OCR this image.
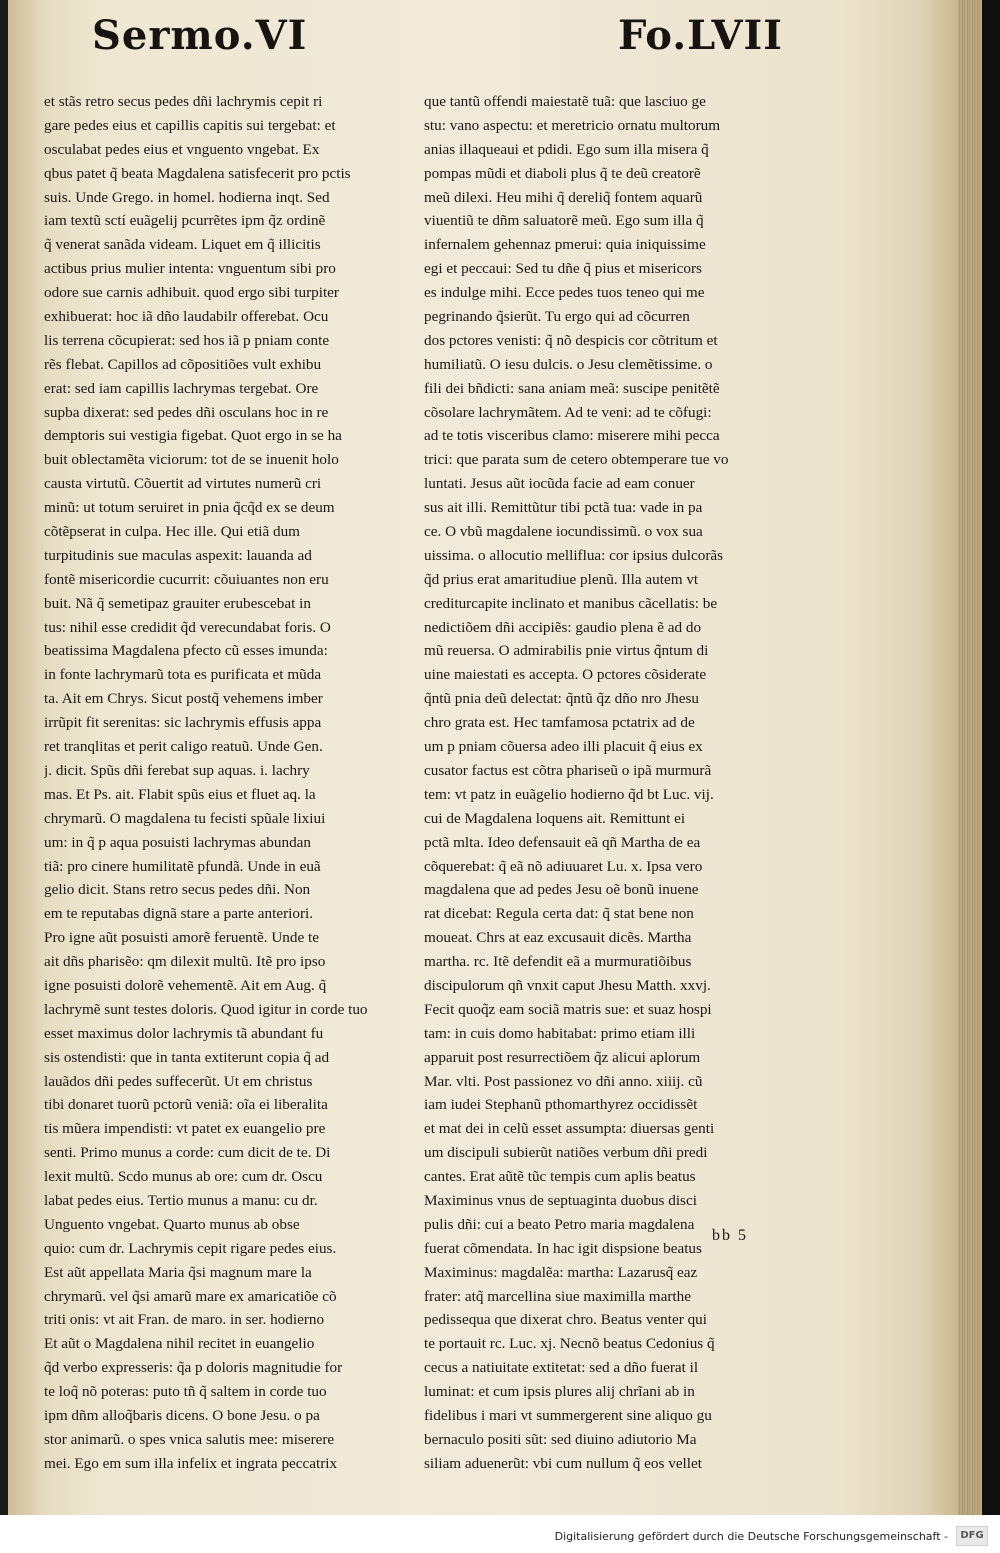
Sermo.VI	Fo.LVII
et stãs retro secus pedes dñi lachrymis cepit ri
gare pedes eius et capillis capitis sui tergebat: et
osculabat pedes eius et vnguento vngebat. Ex
qbus patet q̃ beata Magdalena satisfecerit pro pctis
suis. Unde Grego. in homel. hodierna inqt. Sed
iam textũ sctí euãgelij pcurrẽtes ipm q̃z ordinẽ
q̃ venerat sanãda videam. Liquet em q̃ illicitis
actibus prius mulier intenta: vnguentum sibi pro
odore sue carnis adhibuit. quod ergo sibi turpiter
exhibuerat: hoc iã dño laudabilr offerebat. Ocu
lis terrena cõcupierat: sed hos iã p pniam conte
rẽs flebat. Capillos ad cõpositiões vult exhibu
erat: sed iam capillis lachrymas tergebat. Ore
supba dixerat: sed pedes dñi osculans hoc in re
demptoris sui vestigia figebat. Quot ergo in se ha
buit oblectamẽta viciorum: tot de se inuenit holo
causta virtutũ. Cõuertit ad virtutes numerũ cri
minũ: ut totum seruiret in pnia q̃cq̃d ex se deum
cõtẽpserat in culpa. Hec ille. Qui etiã dum
turpitudinis sue maculas aspexit: lauanda ad
fontẽ misericordie cucurrit: cõuiuantes non eru
buit. Nã q̃ semetipaz grauiter erubescebat in
tus: nihil esse credidit q̃d verecundabat foris. O
beatissima Magdalena pfecto cũ esses imunda:
in fonte lachrymarũ tota es purificata et mũda
ta. Ait em Chrys. Sicut postq̃ vehemens imber
irrũpit fit serenitas: sic lachrymis effusis appa
ret tranqlitas et perit caligo reatuũ. Unde Gen.
j. dicit. Spũs dñi ferebat sup aquas. i. lachry
mas. Et Ps. ait. Flabit spũs eius et fluet aq. la
chrymarũ. O magdalena tu fecisti spũale lixiui
um: in q̃ p aqua posuisti lachrymas abundan
tiã: pro cinere humilitatẽ pfundã. Unde in euã
gelio dicit. Stans retro secus pedes dñi. Non
em te reputabas dignã stare a parte anteriori.
Pro igne aũt posuisti amorẽ feruentẽ. Unde te
ait dñs pharisẽo: qm dilexit multũ. Itẽ pro ipso
igne posuisti dolorẽ vehementẽ. Ait em Aug. q̃
lachrymẽ sunt testes doloris. Quod igitur in corde tuo
esset maximus dolor lachrymis tã abundant fu
sis ostendisti: que in tanta extiterunt copia q̃ ad
lauãdos dñi pedes suffecerũt. Ut em christus
tibi donaret tuorũ pctorũ veniã: oĩa ei liberalita
tis mũera impendisti: vt patet ex euangelio pre
senti. Primo munus a corde: cum dicit de te. Di
lexit multũ. Scdo munus ab ore: cum dr. Oscu
labat pedes eius. Tertio munus a manu: cu dr.
Unguento vngebat. Quarto munus ab obse
quio: cum dr. Lachrymis cepit rigare pedes eius.
Est aũt appellata Maria q̃si magnum mare la
chrymarũ. vel q̃si amarũ mare ex amaricatiõe cõ
triti onis: vt ait Fran. de maro. in ser. hodierno
Et aũt o Magdalena nihil recitet in euangelio
q̃d verbo expresseris: q̃a p doloris magnitudie for
te loq̃ nõ poteras: puto tñ q̃ saltem in corde tuo
ipm dñm alloq̃baris dicens. O bone Jesu. o pa
stor animarũ. o spes vnica salutis mee: miserere
mei. Ego em sum illa infelix et ingrata peccatrix
que tantũ offendi maiestatẽ tuã: que lasciuo ge
stu: vano aspectu: et meretricio ornatu multorum
anias illaqueaui et pdidi. Ego sum illa misera q̃
pompas mũdi et diaboli plus q̃ te deũ creatorẽ
meũ dilexi. Heu mihi q̃ dereliq̃ fontem aquarũ
viuentiũ te dñm saluatorẽ meũ. Ego sum illa q̃
infernalem gehennaz pmerui: quia iniquissime
egi et peccaui: Sed tu dñe q̃ pius et misericors
es indulge mihi. Ecce pedes tuos teneo qui me
pegrinando q̃sierũt. Tu ergo qui ad cõcurren
dos pctores venisti: q̃ nõ despicis cor cõtritum et
humiliatũ. O iesu dulcis. o Jesu clemẽtissime. o
fili dei bñdicti: sana aniam meã: suscipe penitẽtẽ
cõsolare lachrymãtem. Ad te veni: ad te cõfugi:
ad te totis visceribus clamo: miserere mihi pecca
trici: que parata sum de cetero obtemperare tue vo
luntati. Jesus aũt iocũda facie ad eam conuer
sus ait illi. Remittũtur tibi pctã tua: vade in pa
ce. O vbũ magdalene iocundissimũ. o vox sua
uissima. o allocutio melliflua: cor ipsius dulcorãs
q̃d prius erat amaritudiue plenũ. Illa autem vt
crediturcapite inclinato et manibus cãcellatis: be
nedictiõem dñi accipiẽs: gaudio plena ẽ ad do
mũ reuersa. O admirabilis pnie virtus q̃ntum di
uine maiestati es accepta. O pctores cõsiderate
q̃ntũ pnia deũ delectat: q̃ntũ q̃z dño nro Jhesu
chro grata est. Hec tamfamosa pctatrix ad de
um p pniam cõuersa adeo illi placuit q̃ eius ex
cusator factus est cõtra phariseũ o ipã murmurã
tem: vt patz in euãgelio hodierno q̃d bt Luc. vij.
cui de Magdalena loquens ait. Remittunt ei
pctã mlta. Ideo defensauit eã qñ Martha de ea
cõquerebat: q̃ eã nõ adiuuaret Lu. x. Ipsa vero
magdalena que ad pedes Jesu oẽ bonũ inuene
rat dicebat: Regula certa dat: q̃ stat bene non
moueat. Chrs at eaz excusauit dicẽs. Martha
martha. rc. Itẽ defendit eã a murmuratiõibus
discipulorum qñ vnxit caput Jhesu Matth. xxvj.
Fecit quoq̃z eam sociã matris sue: et suaz hospi
tam: in cuis domo habitabat: primo etiam illi
apparuit post resurrectiõem q̃z alicui aplorum
Mar. vlti. Post passionez vo dñi anno. xiiij. cũ
iam iudei Stephanũ pthomarthyrez occidissẽt
et mat dei in celũ esset assumpta: diuersas genti
um discipuli subierũt natiões verbum dñi predi
cantes. Erat aũtẽ tũc tempis cum aplis beatus
Maximinus vnus de septuaginta duobus disci
pulis dñi: cui a beato Petro maria magdalena
fuerat cõmendata. In hac igit dispsione beatus
Maximinus: magdalẽa: martha: Lazarusq̃ eaz
frater: atq̃ marcellina siue maximilla marthe
pedissequa que dixerat chro. Beatus venter qui
te portauit rc. Luc. xj. Necnõ beatus Cedonius q̃
cecus a natiuitate extitetat: sed a dño fuerat il
luminat: et cum ipsis plures alij chrĩani ab in
fidelibus i mari vt summergerent sine aliquo gu
bernaculo positi sũt: sed diuino adiutorio Ma
siliam aduenerũt: vbi cum nullum q̃ eos vellet
bb 5
Digitalisierung gefördert durch die Deutsche Forschungsgemeinschaft -	DFG
